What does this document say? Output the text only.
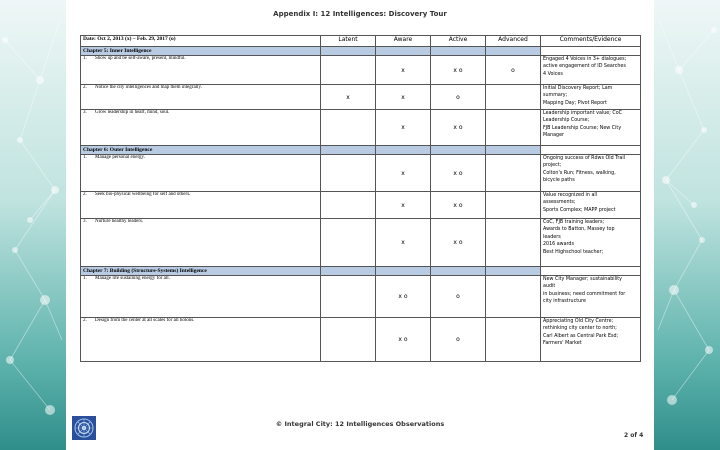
Appendix I: 12 Intelligences: Discovery Tour
Date: Oct 2, 2013 (x) – Feb. 29, 2017 (o)	Latent	Aware	Active	Advanced	Comments/Evidence
Chapter 5: Inner Intelligence					
1. Show up and be self-aware, present, mindful.		x	x o	o	Engaged 4 Voices in 3+ dialogues;
active engagement of ID Searches
4 Voices

2. Notice the city intelligences and map them integrally.	x	x	o		Initial Discovery Report; Lam
summary;
Mapping Day; Pivot Report

3. Grow leadership in heart, mind, soul.		x	x o		Leadership important value; CoC
Leadership Course;
FJB Leadership Course; New City
Manager

Chapter 6: Outer Intelligence					
1. Manage personal energy.		x	x o		Ongoing success of Rdws Old Trail
project;
Colton's Run; Fitness, walking,
bicycle paths

2. Seek bio-physical wellbeing for self and others.		x	x o		Value recognized in all
assessments;
Sports Complex; MAPP project

3. Nurture healthy leaders.		x	x o		CoC, FJB training leaders;
Awards to Batton, Massey top
leaders
2016 awards
Best Highschool teacher;

Chapter 7: Building (Structure-Systems) Intelligence					
1. Manage life sustaining energy for all.		x o	o		New City Manager; sustainability
audit
in business; need commitment for
city infrastructure

2. Design from the center at all scales for all holons.		x o	o		Appreciating Old City Centre;
rethinking city center to north;
Carl Albert as Central Park Esd;
Farmers' Market
© Integral City: 12 Intelligences Observations
2 of 4
